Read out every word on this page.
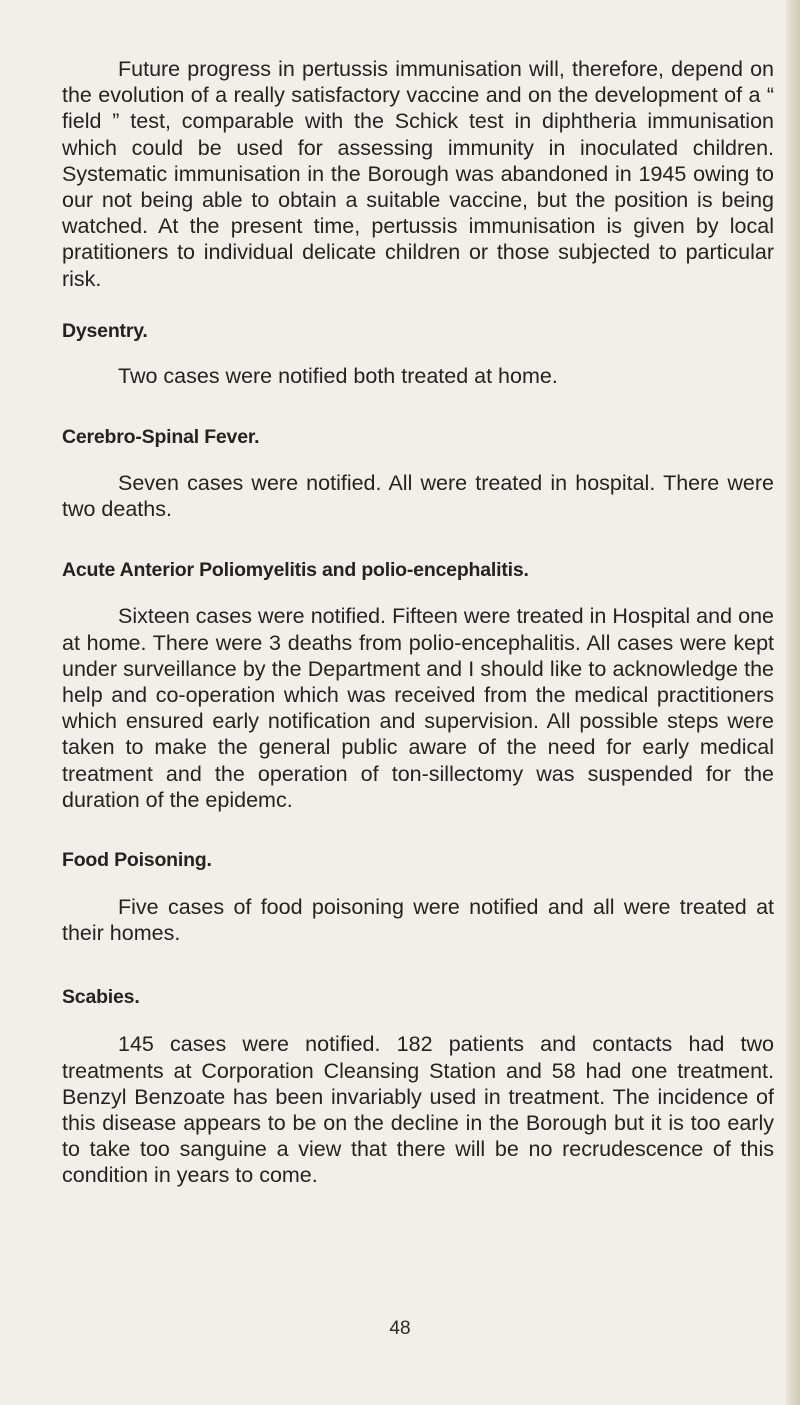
Future progress in pertussis immunisation will, therefore, depend on the evolution of a really satisfactory vaccine and on the development of a “ field ” test, comparable with the Schick test in diphtheria immunisation which could be used for assessing immunity in inoculated children. Systematic immunisation in the Borough was abandoned in 1945 owing to our not being able to obtain a suitable vaccine, but the position is being watched. At the present time, pertussis immunisation is given by local pratitioners to individual delicate children or those subjected to particular risk.

Dysentry.

Two cases were notified both treated at home.

Cerebro-Spinal Fever.

Seven cases were notified. All were treated in hospital. There were two deaths.

Acute Anterior Poliomyelitis and polio-encephalitis.

Sixteen cases were notified. Fifteen were treated in Hospital and one at home. There were 3 deaths from polio-encephalitis. All cases were kept under surveillance by the Department and I should like to acknowledge the help and co-operation which was received from the medical practitioners which ensured early notification and supervision. All possible steps were taken to make the general public aware of the need for early medical treatment and the operation of ton-sillectomy was suspended for the duration of the epidemc.

Food Poisoning.

Five cases of food poisoning were notified and all were treated at their homes.

Scabies.

145 cases were notified. 182 patients and contacts had two treatments at Corporation Cleansing Station and 58 had one treatment. Benzyl Benzoate has been invariably used in treatment. The incidence of this disease appears to be on the decline in the Borough but it is too early to take too sanguine a view that there will be no recrudescence of this condition in years to come.

48
